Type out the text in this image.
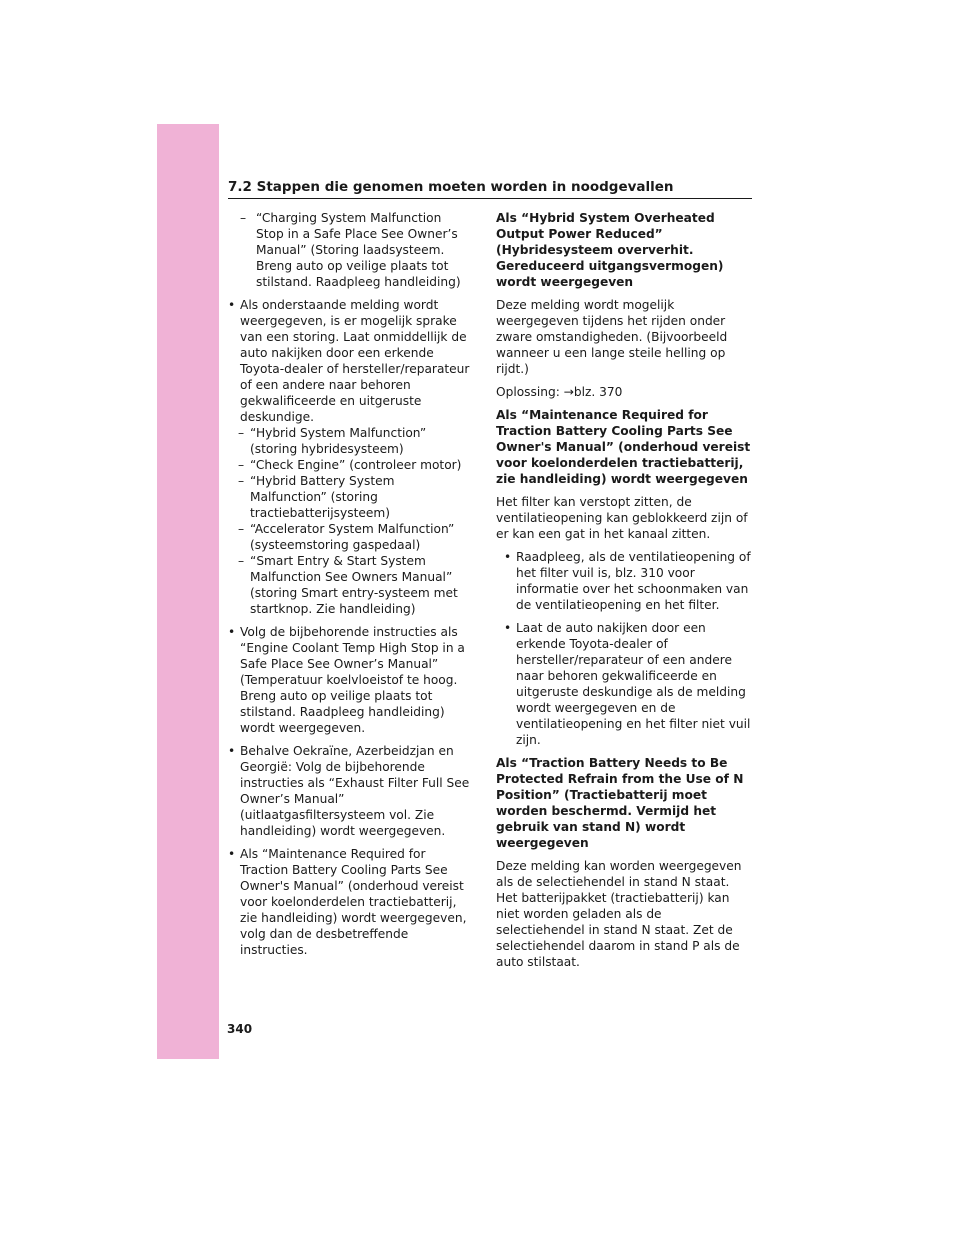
7.2 Stappen die genomen moeten worden in noodgevallen
– “Charging System Malfunction Stop in a Safe Place See Owner’s Manual” (Storing laadsysteem. Breng auto op veilige plaats tot stilstand. Raadpleeg handleiding)

• Als onderstaande melding wordt weergegeven, is er mogelijk sprake van een storing. Laat onmiddellijk de auto nakijken door een erkende Toyota-dealer of hersteller/reparateur of een andere naar behoren gekwalificeerde en uitgeruste deskundige.

– “Hybrid System Malfunction” (storing hybridesysteem)

– “Check Engine” (controleer motor)

– “Hybrid Battery System Malfunction” (storing tractiebatterijsysteem)

– “Accelerator System Malfunction” (systeemstoring gaspedaal)

– “Smart Entry & Start System Malfunction See Owners Manual” (storing Smart entry-systeem met startknop. Zie handleiding)

• Volg de bijbehorende instructies als “Engine Coolant Temp High Stop in a Safe Place See Owner’s Manual” (Temperatuur koelvloeistof te hoog. Breng auto op veilige plaats tot stilstand. Raadpleeg handleiding) wordt weergegeven.

• Behalve Oekraïne, Azerbeidzjan en Georgië: Volg de bijbehorende instructies als “Exhaust Filter Full See Owner’s Manual” (uitlaatgasfiltersysteem vol. Zie handleiding) wordt weergegeven.

• Als “Maintenance Required for Traction Battery Cooling Parts See Owner's Manual” (onderhoud vereist voor koelonderdelen tractiebatterij, zie handleiding) wordt weergegeven, volg dan de desbetreffende instructies.

Als “Hybrid System Overheated Output Power Reduced” (Hybridesysteem oververhit. Gereduceerd uitgangsvermogen) wordt weergegeven

Deze melding wordt mogelijk weergegeven tijdens het rijden onder zware omstandigheden. (Bijvoorbeeld wanneer u een lange steile helling op rijdt.)

Oplossing: →blz. 370

Als “Maintenance Required for Traction Battery Cooling Parts See Owner's Manual” (onderhoud vereist voor koelonderdelen tractiebatterij, zie handleiding) wordt weergegeven

Het filter kan verstopt zitten, de ventilatieopening kan geblokkeerd zijn of er kan een gat in het kanaal zitten.

• Raadpleeg, als de ventilatieopening of het filter vuil is, blz. 310 voor informatie over het schoonmaken van de ventilatieopening en het filter.

• Laat de auto nakijken door een erkende Toyota-dealer of hersteller/reparateur of een andere naar behoren gekwalificeerde en uitgeruste deskundige als de melding wordt weergegeven en de ventilatieopening en het filter niet vuil zijn.

Als “Traction Battery Needs to Be Protected Refrain from the Use of N Position” (Tractiebatterij moet worden beschermd. Vermijd het gebruik van stand N) wordt weergegeven

Deze melding kan worden weergegeven als de selectiehendel in stand N staat. Het batterijpakket (tractiebatterij) kan niet worden geladen als de selectiehendel in stand N staat. Zet de selectiehendel daarom in stand P als de auto stilstaat.

340
